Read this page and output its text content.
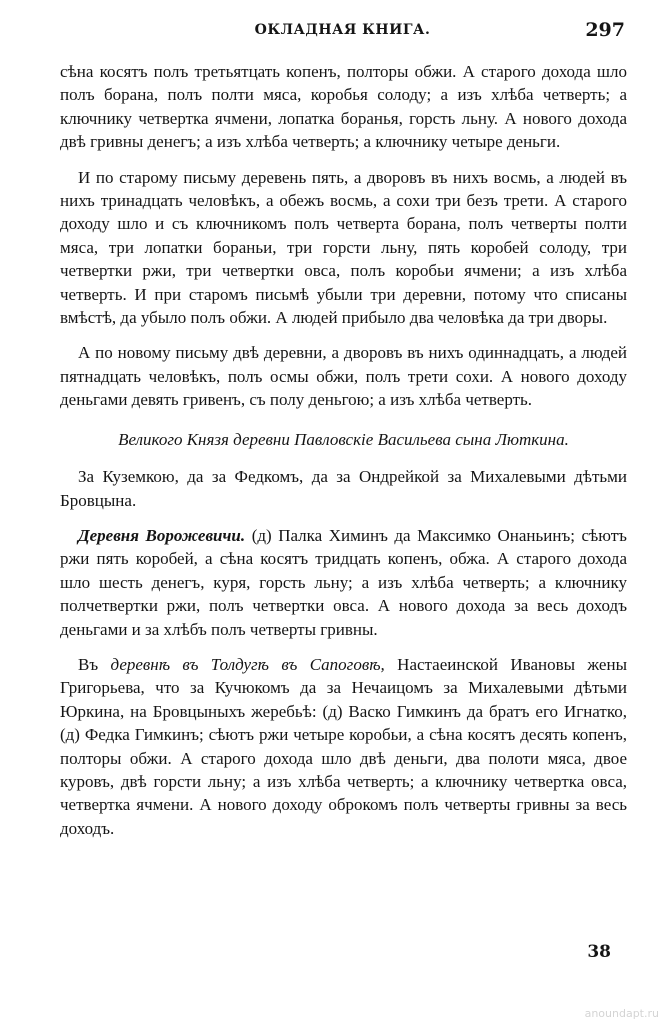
ОКЛАДНАЯ КНИГА.	297

сѣна косятъ полъ третьятцать копенъ, полторы обжи. А старого дохода шло полъ борана, полъ полти мяса, коробья солоду; а изъ хлѣба четверть; а ключнику четвертка ячмени, лопатка боранья, горсть льну. А нового дохода двѣ гривны денегъ; а изъ хлѣба четверть; а ключнику четыре деньги.

И по старому письму деревень пять, а дворовъ въ нихъ восмь, а людей въ нихъ тринадцать человѣкъ, а обежъ восмь, а сохи три безъ трети. А старого доходу шло и съ ключникомъ полъ четверта борана, полъ четверты полти мяса, три лопатки бораньи, три горсти льну, пять коробей солоду, три четвертки ржи, три четвертки овса, полъ коробьи ячмени; а изъ хлѣба четверть. И при старомъ письмѣ убыли три деревни, потому что списаны вмѣстѣ, да убыло полъ обжи. А людей прибыло два человѣка да три дворы.

А по новому письму двѣ деревни, а дворовъ въ нихъ одиннадцать, а людей пятнадцать человѣкъ, полъ осмы обжи, полъ трети сохи. А нового доходу деньгами девять гривенъ, съ полу деньгою; а изъ хлѣба четверть.

Великого Князя деревни Павловскіе Васильева сына Люткина.

За Куземкою, да за Федкомъ, да за Ондрейкой за Михалевыми дѣтьми Бровцына.

Деревня Ворожевичи. (д) Палка Химинъ да Максимко Онаньинъ; сѣютъ ржи пять коробей, а сѣна косятъ тридцать копенъ, обжа. А старого дохода шло шесть денегъ, куря, горсть льну; а изъ хлѣба четверть; а ключнику полчетвертки ржи, полъ четвертки овса. А нового дохода за весь доходъ деньгами и за хлѣбъ полъ четверты гривны.

Въ деревнѣ въ Толдугѣ въ Сапоговѣ, Настаеинской Ивановы жены Григорьева, что за Кучюкомъ да за Нечаицомъ за Михалевыми дѣтьми Юркина, на Бровцыныхъ жеребьѣ: (д) Васко Гимкинъ да братъ его Игнатко, (д) Федка Гимкинъ; сѣютъ ржи четыре коробьи, а сѣна косятъ десять копенъ, полторы обжи. А старого дохода шло двѣ деньги, два полоти мяса, двое куровъ, двѣ горсти льну; а изъ хлѣба четверть; а ключнику четвертка овса, четвертка ячмени. А нового доходу оброкомъ полъ четверты гривны за весь доходъ.

38
anoundapt.ru
